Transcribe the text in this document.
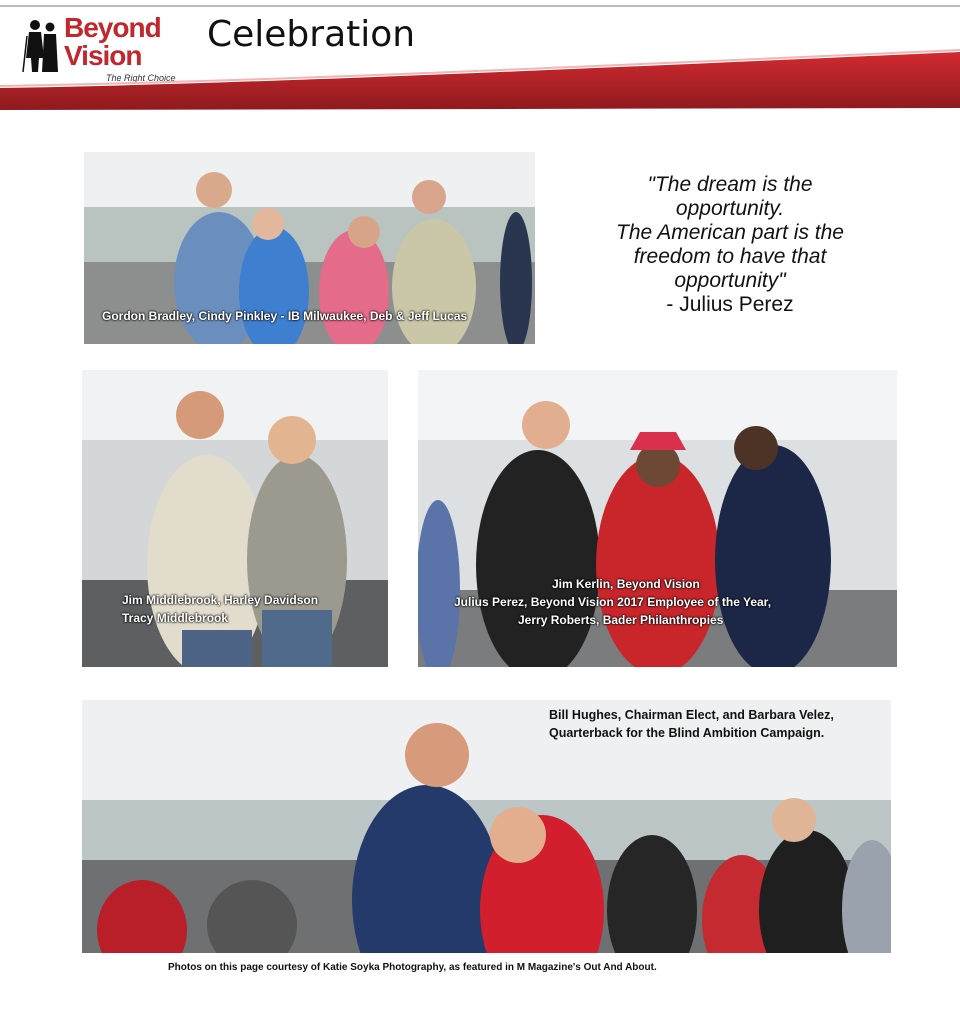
Beyond
Vision
The Right Choice
Celebration
Gordon Bradley, Cindy Pinkley - IB Milwaukee, Deb & Jeff Lucas
"The dream is the
opportunity.
The American part is the
freedom to have that
opportunity"
- Julius Perez
Jim Middlebrook, Harley Davidson
Tracy Middlebrook
Jim Kerlin, Beyond Vision
Julius Perez, Beyond Vision 2017 Employee of the Year,
Jerry Roberts, Bader Philanthropies
Bill Hughes, Chairman Elect, and Barbara Velez,
Quarterback for the Blind Ambition Campaign.
Photos on this page courtesy of Katie Soyka Photography, as featured in M Magazine's Out And About.
